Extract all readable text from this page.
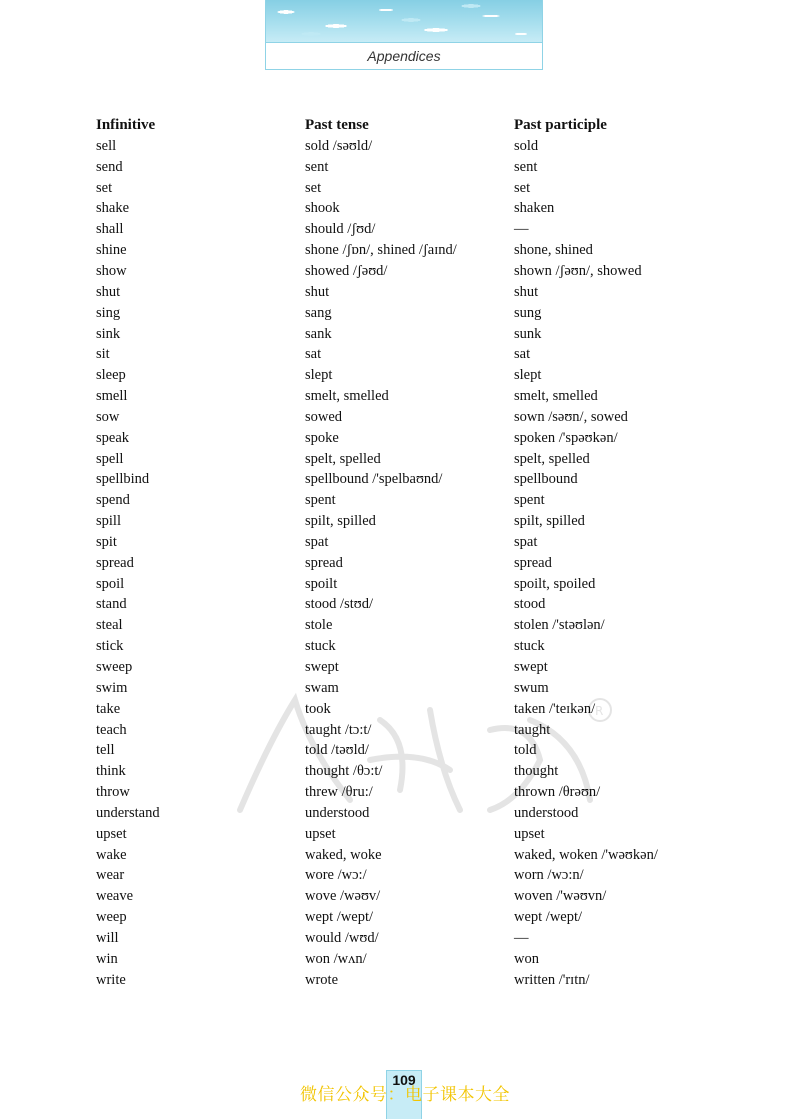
Appendices
R
Infinitive	Past tense	Past participle
sell	sold /səʊld/	sold
send	sent	sent
set	set	set
shake	shook	shaken
shall	should /ʃʊd/	—
shine	shone /ʃɒn/, shined /ʃaɪnd/	shone, shined
show	showed /ʃəʊd/	shown /ʃəʊn/, showed
shut	shut	shut
sing	sang	sung
sink	sank	sunk
sit	sat	sat
sleep	slept	slept
smell	smelt, smelled	smelt, smelled
sow	sowed	sown /səʊn/, sowed
speak	spoke	spoken /'spəʊkən/
spell	spelt, spelled	spelt, spelled
spellbind	spellbound /'spelbaʊnd/	spellbound
spend	spent	spent
spill	spilt, spilled	spilt, spilled
spit	spat	spat
spread	spread	spread
spoil	spoilt	spoilt, spoiled
stand	stood /stʊd/	stood
steal	stole	stolen /'stəʊlən/
stick	stuck	stuck
sweep	swept	swept
swim	swam	swum
take	took	taken /'teɪkən/
teach	taught /tɔ:t/	taught
tell	told /təʊld/	told
think	thought /θɔ:t/	thought
throw	threw /θru:/	thrown /θrəʊn/
understand	understood	understood
upset	upset	upset
wake	waked, woke	waked, woken /'wəʊkən/
wear	wore /wɔ:/	worn /wɔ:n/
weave	wove /wəʊv/	woven /'wəʊvn/
weep	wept /wept/	wept /wept/
will	would /wʊd/	—
win	won /wʌn/	won
write	wrote	written /'rɪtn/
109
微信公众号：电子课本大全
